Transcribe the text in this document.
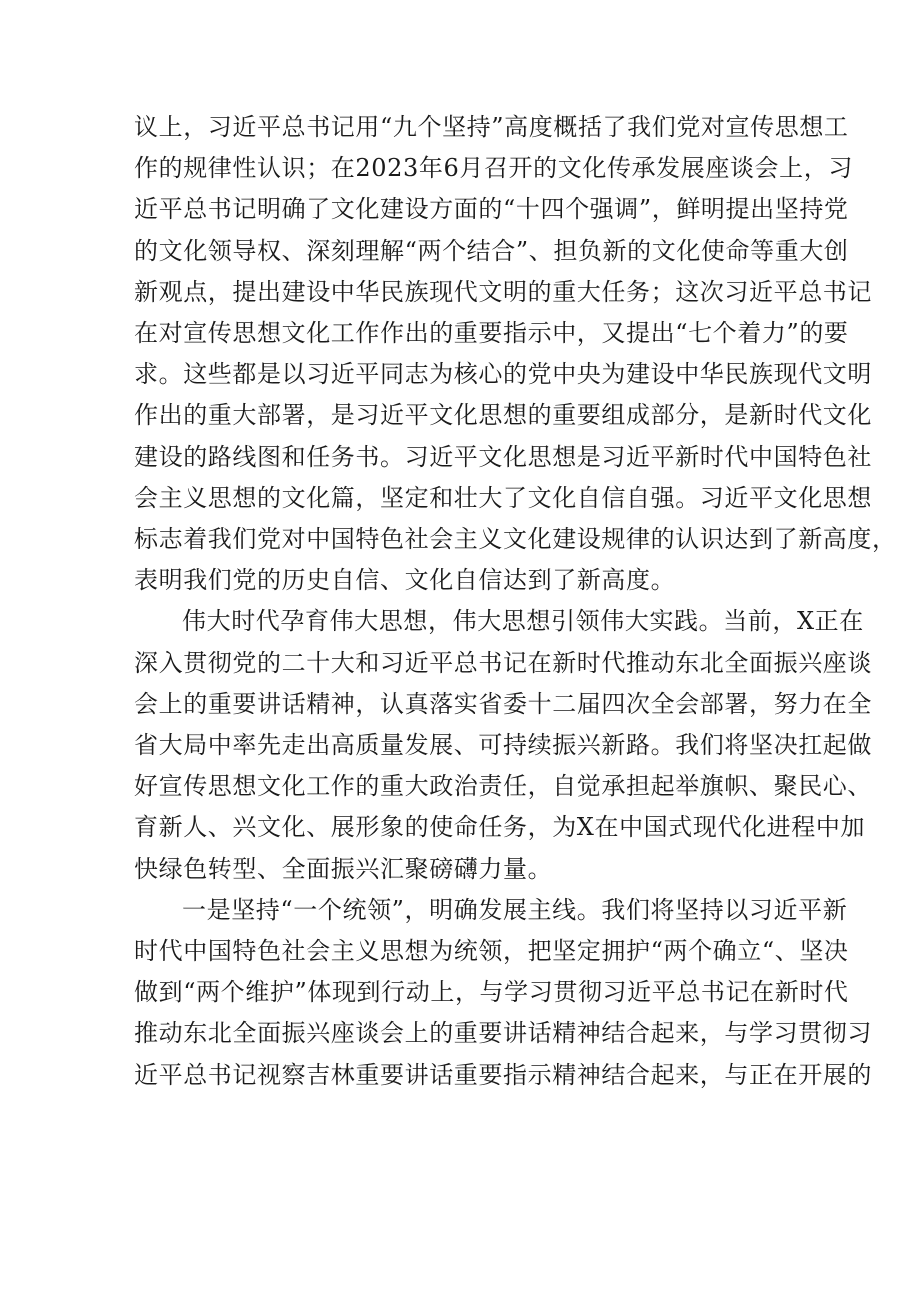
议上，习近平总书记用“九个坚持”高度概括了我们党对宣传思想工
作的规律性认识；在2023年6月召开的文化传承发展座谈会上，习
近平总书记明确了文化建设方面的“十四个强调”，鲜明提出坚持党
的文化领导权、深刻理解“两个结合”、担负新的文化使命等重大创
新观点，提出建设中华民族现代文明的重大任务；这次习近平总书记
在对宣传思想文化工作作出的重要指示中，又提出“七个着力”的要
求。这些都是以习近平同志为核心的党中央为建设中华民族现代文明
作出的重大部署，是习近平文化思想的重要组成部分，是新时代文化
建设的路线图和任务书。习近平文化思想是习近平新时代中国特色社
会主义思想的文化篇，坚定和壮大了文化自信自强。习近平文化思想
标志着我们党对中国特色社会主义文化建设规律的认识达到了新高度，
表明我们党的历史自信、文化自信达到了新高度。

伟大时代孕育伟大思想，伟大思想引领伟大实践。当前，X正在
深入贯彻党的二十大和习近平总书记在新时代推动东北全面振兴座谈
会上的重要讲话精神，认真落实省委十二届四次全会部署，努力在全
省大局中率先走出高质量发展、可持续振兴新路。我们将坚决扛起做
好宣传思想文化工作的重大政治责任，自觉承担起举旗帜、聚民心、
育新人、兴文化、展形象的使命任务，为X在中国式现代化进程中加
快绿色转型、全面振兴汇聚磅礴力量。

一是坚持“一个统领”，明确发展主线。我们将坚持以习近平新
时代中国特色社会主义思想为统领，把坚定拥护“两个确立“、坚决
做到“两个维护”体现到行动上，与学习贯彻习近平总书记在新时代
推动东北全面振兴座谈会上的重要讲话精神结合起来，与学习贯彻习
近平总书记视察吉林重要讲话重要指示精神结合起来，与正在开展的
